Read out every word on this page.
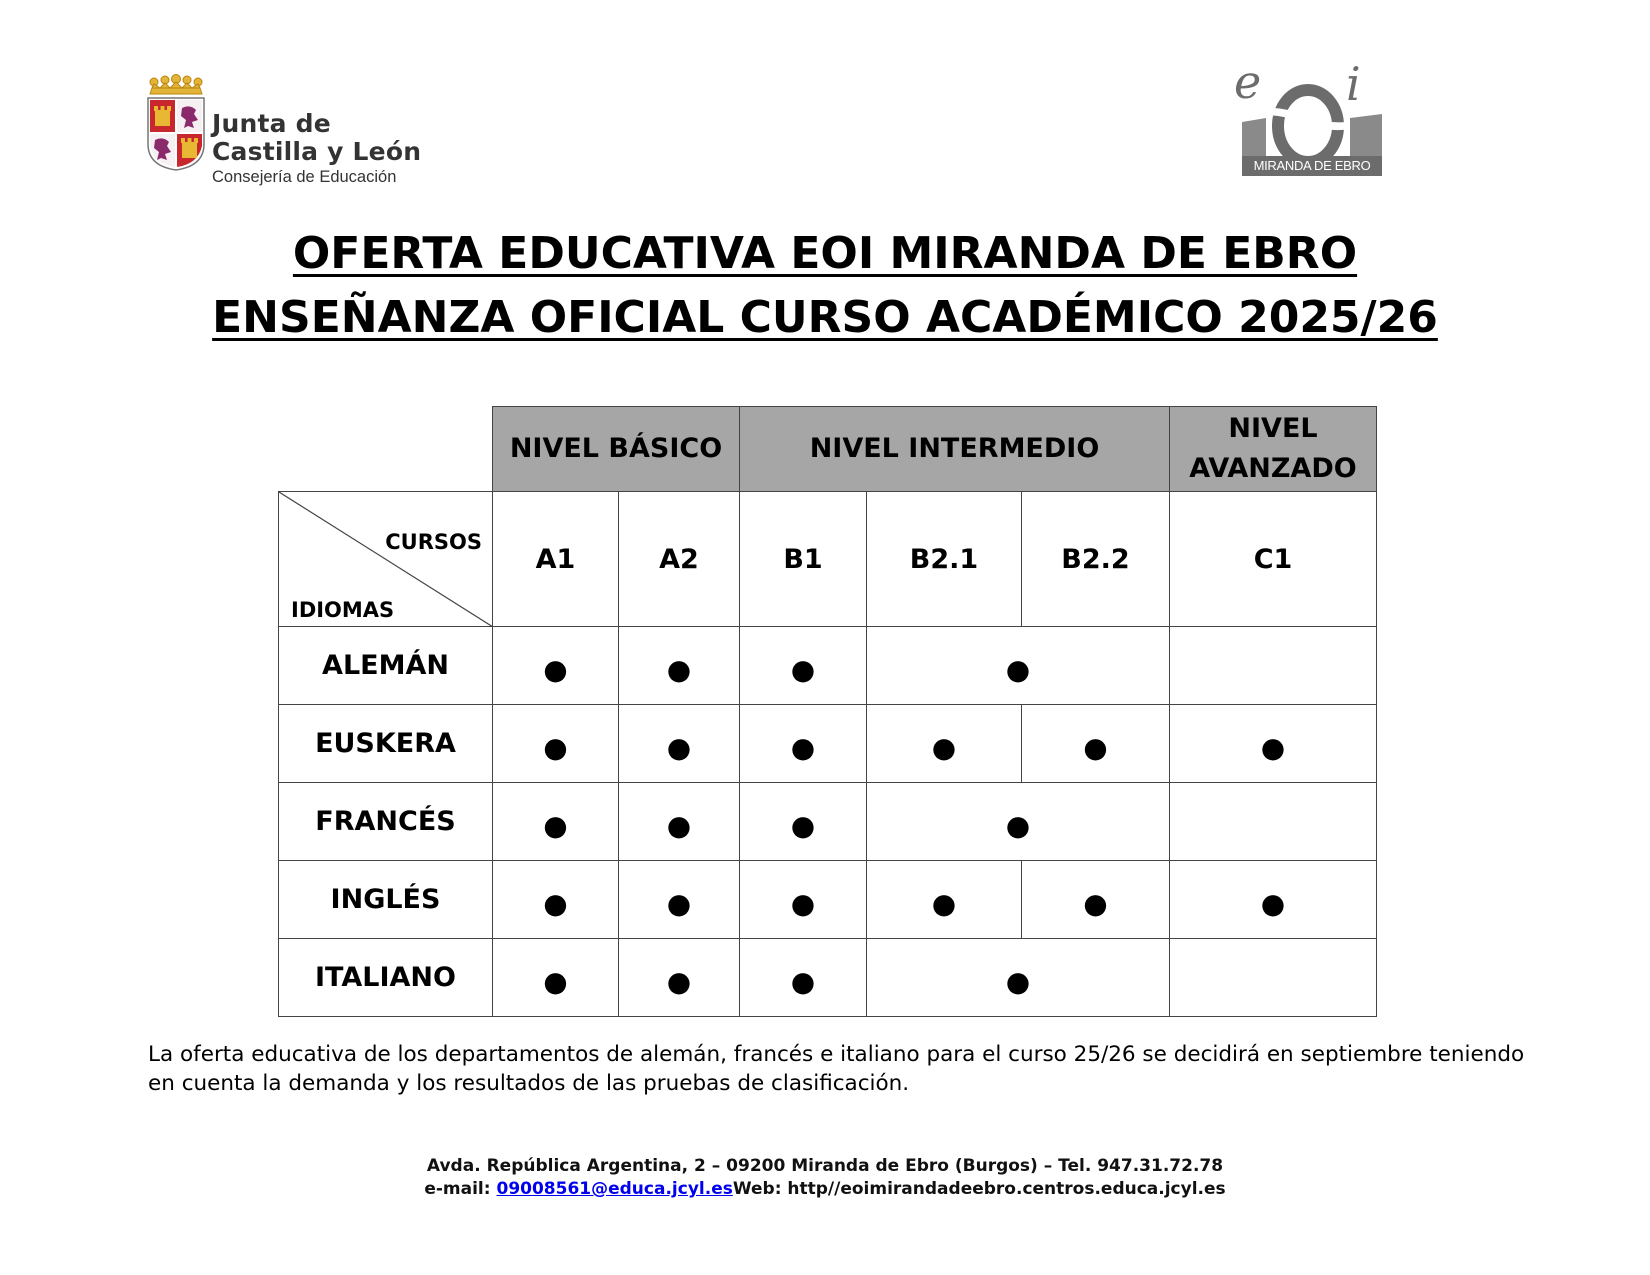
Junta de
Castilla y León
Consejería de Educación
e i
MIRANDA DE EBRO
OFERTA EDUCATIVA EOI MIRANDA DE EBRO
ENSEÑANZA OFICIAL CURSO ACADÉMICO 2025/26
	NIVEL BÁSICO		NIVEL INTERMEDIO			NIVEL AVANZADO

CURSOS
IDIOMAS	A1	A2	B1	B2.1	B2.2	C1
ALEMÁN	●	●	●	●		
EUSKERA	●	●	●	●	●	●
FRANCÉS	●	●	●	●		
INGLÉS	●	●	●	●	●	●
ITALIANO	●	●	●	●		
La oferta educativa de los departamentos de alemán, francés e italiano para el curso 25/26 se decidirá en septiembre teniendo en cuenta la demanda y los resultados de las pruebas de clasificación.
Avda. República Argentina, 2 – 09200 Miranda de Ebro (Burgos) – Tel. 947.31.72.78
e-mail: 09008561@educa.jcyl.esWeb: http//eoimirandadeebro.centros.educa.jcyl.es
